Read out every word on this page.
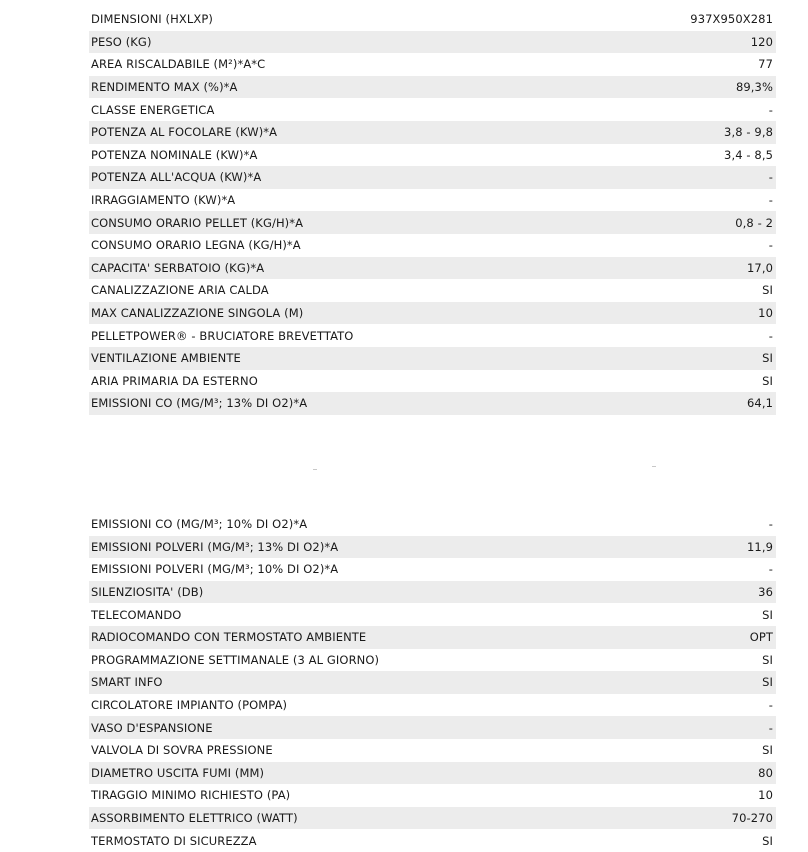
DIMENSIONI (HXLXP)	937X950X281
PESO (KG)	120
AREA RISCALDABILE (M²)*A*C	77
RENDIMENTO MAX (%)*A	89,3%
CLASSE ENERGETICA	-
POTENZA AL FOCOLARE (KW)*A	3,8 - 9,8
POTENZA NOMINALE (KW)*A	3,4 - 8,5
POTENZA ALL'ACQUA (KW)*A	-
IRRAGGIAMENTO (KW)*A	-
CONSUMO ORARIO PELLET (KG/H)*A	0,8 - 2
CONSUMO ORARIO LEGNA (KG/H)*A	-
CAPACITA' SERBATOIO (KG)*A	17,0
CANALIZZAZIONE ARIA CALDA	SI
MAX CANALIZZAZIONE SINGOLA (M)	10
PELLETPOWER® - BRUCIATORE BREVETTATO	-
VENTILAZIONE AMBIENTE	SI
ARIA PRIMARIA DA ESTERNO	SI
EMISSIONI CO (MG/M³; 13% DI O2)*A	64,1
EMISSIONI CO (MG/M³; 10% DI O2)*A	-
EMISSIONI POLVERI (MG/M³; 13% DI O2)*A	11,9
EMISSIONI POLVERI (MG/M³; 10% DI O2)*A	-
SILENZIOSITA' (DB)	36
TELECOMANDO	SI
RADIOCOMANDO CON TERMOSTATO AMBIENTE	OPT
PROGRAMMAZIONE SETTIMANALE (3 AL GIORNO)	SI
SMART INFO	SI
CIRCOLATORE IMPIANTO (POMPA)	-
VASO D'ESPANSIONE	-
VALVOLA DI SOVRA PRESSIONE	SI
DIAMETRO USCITA FUMI (MM)	80
TIRAGGIO MINIMO RICHIESTO (PA)	10
ASSORBIMENTO ELETTRICO (WATT)	70-270
TERMOSTATO DI SICUREZZA	SI
